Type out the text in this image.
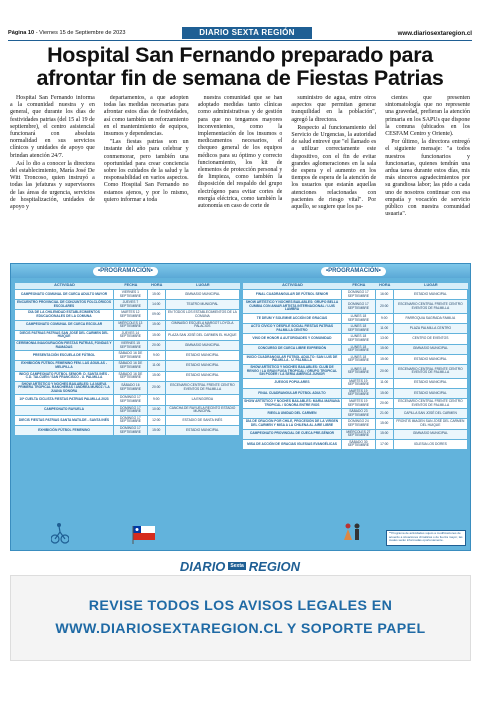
Página 10 - Viernes 15 de Septiembre de 2023	DIARIO SEXTA REGIÓN	www.diariosextaregion.cl
Hospital San Fernando preparado para afrontar fin de semana de Fiestas Patrias

Hospital San Fernando informa a la comunidad nuestra y en general, que durante los días de festividades patrias (del 15 al 19 de septiembre), el centro asistencial funcionará con absoluta normalidad en sus servicios clínicos y unidades de apoyo que brindan atención 24/7.

Así lo dio a conocer la directora del establecimiento, María José De Witt Troncoso, quien instruyó a todas las jefaturas y supervisores de las áreas de urgencia, servicios de hospitalización, unidades de apoyo y

departamentos, a que adopten todas las medidas necesarias para afrontar estos días de festividades, así como también un reforzamiento en el mantenimiento de equipos, insumos y dependencias.

"Las fiestas patrias son un instante del año para celebrar y conmemorar, pero también una oportunidad para crear conciencia sobre los cuidados de la salud y la responsabilidad en varios aspectos. Como Hospital San Fernando no estamos ajenos, y por lo mismo, quiero informar a toda

nuestra comunidad que se han adoptado medidas tanto clínicas como administrativas y de gestión para que no tengamos mayores inconvenientes, como la implementación de los insumos o medicamentos necesarios, el chequeo general de los equipos médicos para su óptimo y correcto funcionamiento, los kit de elementos de protección personal y de limpieza, como también la disposición del respaldo del grupo electrógeno para evitar cortes de energía eléctrica, como también la autonomía en caso de corte de

suministro de agua, entre otros aspectos que permitan generar tranquilidad en la población", agregó la directora.

Respecto al funcionamiento del Servicio de Urgencias, la autoridad de salud entrevé que "el llamado es a utilizar correctamente este dispositivo, con el fin de evitar grandes aglomeraciones en la sala de espera y el aumento en los tiempos de espera de la atención de los usuarios que estarán aquellas atenciones relacionadas con pacientes de riesgo vital". Por aquello, se sugiere que los pa-

cientes que presenten sintomatología que no represente una gravedad, prefieran la atención primaria en los SAPUs que dispone la comuna (ubicados en los CESFAM Centro y Oriente).

Por último, la directora entregó el siguiente mensaje: "a todos nuestros funcionarios y funcionarias, quienes tendrán una ardua tarea durante estos días, mis más sinceros agradecimientos por su grandiosa labor; las pido a cada uno de nosotros continuar con esa empatía y vocación de servicio público con nuestra comunidad usuaria".

•PROGRAMACIÓN•	•PROGRAMACIÓN•
ACTIVIDAD	FECHA	HORA	LUGAR
CAMPEONATO COMUNAL DE CUECA ADULTO MAYOR	VIERNES 1 SEPTIEMBRE	15:00	GIMNASIO MUNICIPAL
ENCUENTRO PROVINCIAL DE CONJUNTOS FOLCLÓRICOS ESCOLARES	JUEVES 7 SEPTIEMBRE	14:00	TEATRO MUNICIPAL
DÍA DE LA CHILENIDAD ESTABLECIMIENTOS EDUCACIONALES DE LA COMUNA	MARTES 12 SEPTIEMBRE	09:00	EN TODOS LOS ESTABLECIMIENTOS DE LA COMUNA
CAMPEONATO COMUNAL DE CUECA ESCOLAR	MIÉRCOLES 13 SEPTIEMBRE	15:00	GIMNASIO ESCUELA MARGOT LOYOLA PALACIOS
DIECIS PATRIAS PATRIAS SAN JOSÉ DEL CARMEN DEL HUIQUE	JUEVES 14 SEPTIEMBRE	15:00	PLAZA SAN JOSÉ DEL CARMEN EL HUIQUE
CEREMONIA INAUGURACIÓN FIESTAS PATRIAS, FONDAS Y RAMADAS	VIERNES 15 SEPTIEMBRE	20:00	GIMNASIO MUNICIPAL
PRESENTACIÓN ESCUELA DE FÚTBOL	SÁBADO 16 DE SEPTIEMBRE	9:00	ESTADIO MUNICIPAL
EXHIBICIÓN FÚTBOL FEMENINO FEM. LAS ÁGUILAS - MELIPILLA	SÁBADO 16 DE SEPTIEMBRE	11:00	ESTADIO MUNICIPAL
INICIO CAMPEONATO FÚTBOL SENIOR: D. SANTA INÉS - C.D. TALCUÉN / SAN FRANCISCO - U. PALMILLA	SÁBADO 16 DE SEPTIEMBRE	15:00	ESTADIO MUNICIPAL
SHOW ARTÍSTICO Y NOCHES BAILABLES: LA NUEVA PRIMERA TROPICAL RANCHERAS / ANDREA MUÑOZ / LA JUANA SONORA	SÁBADO 16 SEPTIEMBRE	20:00	ESCENARIO CENTRAL FRENTE CENTRO EVENTOS DE PALMILLA
10ª CUELTA CICLISTA FIESTAS PATRIAS PALMILLA 2023	DOMINGO 17 SEPTIEMBRE	9:00	LA ENGORDA
CAMPEONATO RAYUELA	DOMINGO 17 SEPTIEMBRE	10:00	CANCHA DE RAYUELA RECINTO ESTADIO MUNICIPAL
DIECIS FIESTAS PATRIAS SANTA MATILDE - SANTA INÉS	DOMINGO 17 SEPTIEMBRE	12:00	ESTADIO DE SANTA INÉS
EXHIBICIÓN FÚTBOL FEMENINO	DOMINGO 17 SEPTIEMBRE	15:00	ESTADIO MUNICIPAL
ACTIVIDAD	FECHA	HORA	LUGAR
FINAL CUADRANGULAR DE FÚTBOL SENIOR	DOMINGO 17 SEPTIEMBRE	16:00	ESTADIO MUNICIPAL
SHOW ARTÍSTICO Y NOCHES BAILABLES: GRUPO BELLA CUMBIA CON ANIAR ARTISTA INTERNACIONAL / LUIS LAMBRA	DOMINGO 17 SEPTIEMBRE	20:00	ESCENARIO CENTRAL FRENTE CENTRO EVENTOS DE PALMILLA
TE DEUM Y SOLEMNE ACCIÓN DE GRACIAS	LUNES 18 SEPTIEMBRE	9:00	PARROQUIA SAGRADA FAMILIA
ACTO CÍVICO Y DESFILE SOCIAL FIESTAS PATRIAS PALMILLA CENTRO	LUNES 18 SEPTIEMBRE	11:00	PLAZA PALMILLA CENTRO
VINO DE HONOR A AUTORIDADES Y COMUNIDAD	LUNES 18 SEPTIEMBRE	13:00	CENTRO DE EVENTOS
CONCURSO DE CUECA LIBRE EXPRESIÓN	LUNES 18 SEPTIEMBRE	15:00	GIMNASIO MUNICIPAL
INICIO CUADRANGULAR FÚTBOL ADULTO: SAN LUIS DE PALMILLA - U. PALMILLA	LUNES 18 SEPTIEMBRE	15:00	ESTADIO MUNICIPAL
SHOW ARTÍSTICO Y NOCHES BAILABLES: CLUB DE RENGO / LA GRAN FUGA TROPICAL / GRUPO TROPICAL SIN PODER / LA SERIA AMÉRICA JUNIOR	LUNES 18 SEPTIEMBRE	20:00	ESCENARIO CENTRAL FRENTE CENTRO EVENTOS DE PALMILLA
JUEGOS POPULARES	MARTES 19 SEPTIEMBRE	11:00	ESTADIO MUNICIPAL
FINAL CUADRANGULAR FÚTBOL ADULTO	MARTES 19 SEPTIEMBRE	15:00	ESTADIO MUNICIPAL
SHOW ARTÍSTICO Y NOCHES BAILABLES: MARIA MARIANA TROPICAL / SONORA ENTRE RIOS	MARTES 19 SEPTIEMBRE	20:00	ESCENARIO CENTRAL FRENTE CENTRO EVENTOS DE PALMILLA
RIEGLA UNIDAD DEL CARMEN	SÁBADO 23 SEPTIEMBRE	21:00	CAPILLA SAN JOSÉ DEL CARMEN
DÍA DE ORACIÓN POR CHILE, PROCESIÓN DE LA VIRGEN DEL CARMEN Y MISA A LA CHILENA AL AIRE LIBRE	DOMINGO 24 SEPTIEMBRE	15:00	FRONTIS IMAGEN SAN JOSÉ DEL CARMEN DEL HUIQUE
CAMPEONATO PROVINCIAL DE CUECA PRE-SÉNIOR	MIÉRCOLES 27 SEPTIEMBRE	15:00	GIMNASIO MUNICIPAL
MISA DE ACCIÓN DE GRACIAS IGLESIAS EVANGÉLICAS	SÁBADO 30 SEPTIEMBRE	17:00	IGLESIA LOS DORES
**Programa de actividades sujeto a modificaciones de acuerdo a situaciones climáticas o de fuerza mayor, las cuales serán informadas oportunamente.
DIARIO	Sexta REGION
REVISE TODOS LOS AVISOS LEGALES EN
WWW.DIARIOSEXTAREGION.CL Y SOPORTE PAPEL
